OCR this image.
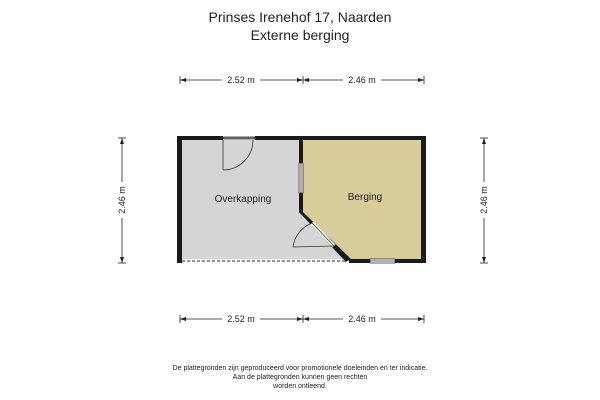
Prinses Irenehof 17, Naarden
Externe berging
2.52 m	2.46 m
2.52 m	2.46 m
2.46 m	2.46 m
Overkapping	Berging
De plattegronden zijn geproduceerd voor promotionele doeleinden en ter indicatie.
Aan de plattegronden kunnen geen rechten
worden ontleend.
